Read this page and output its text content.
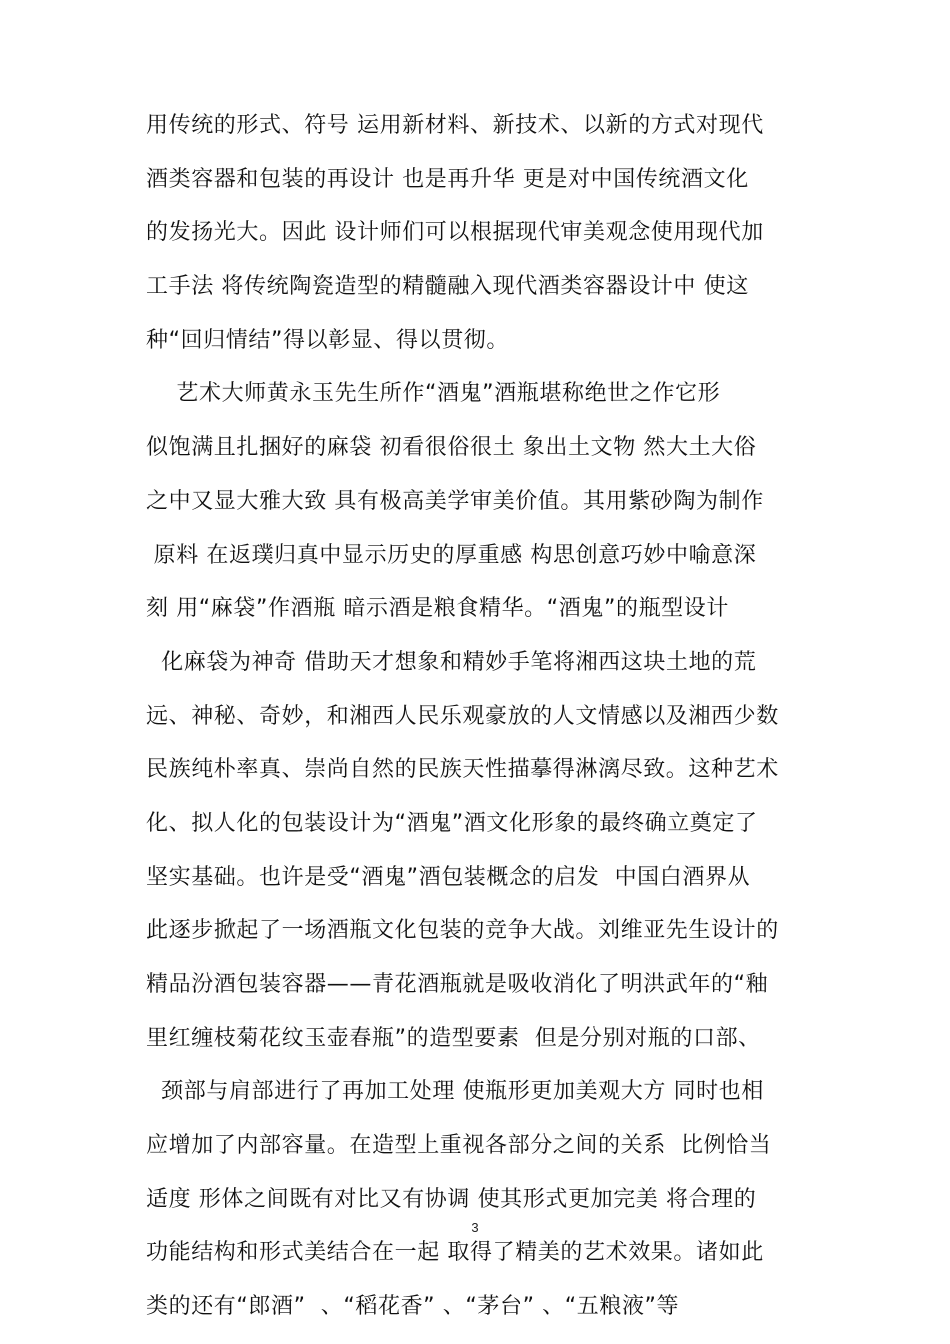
用传统的形式、符号 运用新材料、新技术、以新的方式对现代
酒类容器和包装的再设计 也是再升华 更是对中国传统酒文化
的发扬光大。因此 设计师们可以根据现代审美观念使用现代加
工手法 将传统陶瓷造型的精髓融入现代酒类容器设计中 使这
种“回归情结”得以彰显、得以贯彻。
艺术大师黄永玉先生所作“酒鬼”酒瓶堪称绝世之作它形
似饱满且扎捆好的麻袋 初看很俗很土 象出土文物 然大土大俗
之中又显大雅大致 具有极高美学审美价值。其用紫砂陶为制作
原料 在返璞归真中显示历史的厚重感 构思创意巧妙中喻意深
刻 用“麻袋”作酒瓶 暗示酒是粮食精华。“酒鬼”的瓶型设计
化麻袋为神奇 借助天才想象和精妙手笔将湘西这块土地的荒
远、神秘、奇妙，和湘西人民乐观豪放的人文情感以及湘西少数
民族纯朴率真、崇尚自然的民族天性描摹得淋漓尽致。这种艺术
化、拟人化的包装设计为“酒鬼”酒文化形象的最终确立奠定了
坚实基础。也许是受“酒鬼”酒包装概念的启发  中国白酒界从
此逐步掀起了一场酒瓶文化包装的竞争大战。刘维亚先生设计的
精品汾酒包装容器——青花酒瓶就是吸收消化了明洪武年的“釉
里红缠枝菊花纹玉壶春瓶”的造型要素  但是分别对瓶的口部、
颈部与肩部进行了再加工处理 使瓶形更加美观大方 同时也相
应增加了内部容量。在造型上重视各部分之间的关系  比例恰当
适度 形体之间既有对比又有协调 使其形式更加完美 将合理的
功能结构和形式美结合在一起 取得了精美的艺术效果。诸如此
类的还有“郎酒”  、“稻花香” 、“茅台” 、“五粮液”等
3
